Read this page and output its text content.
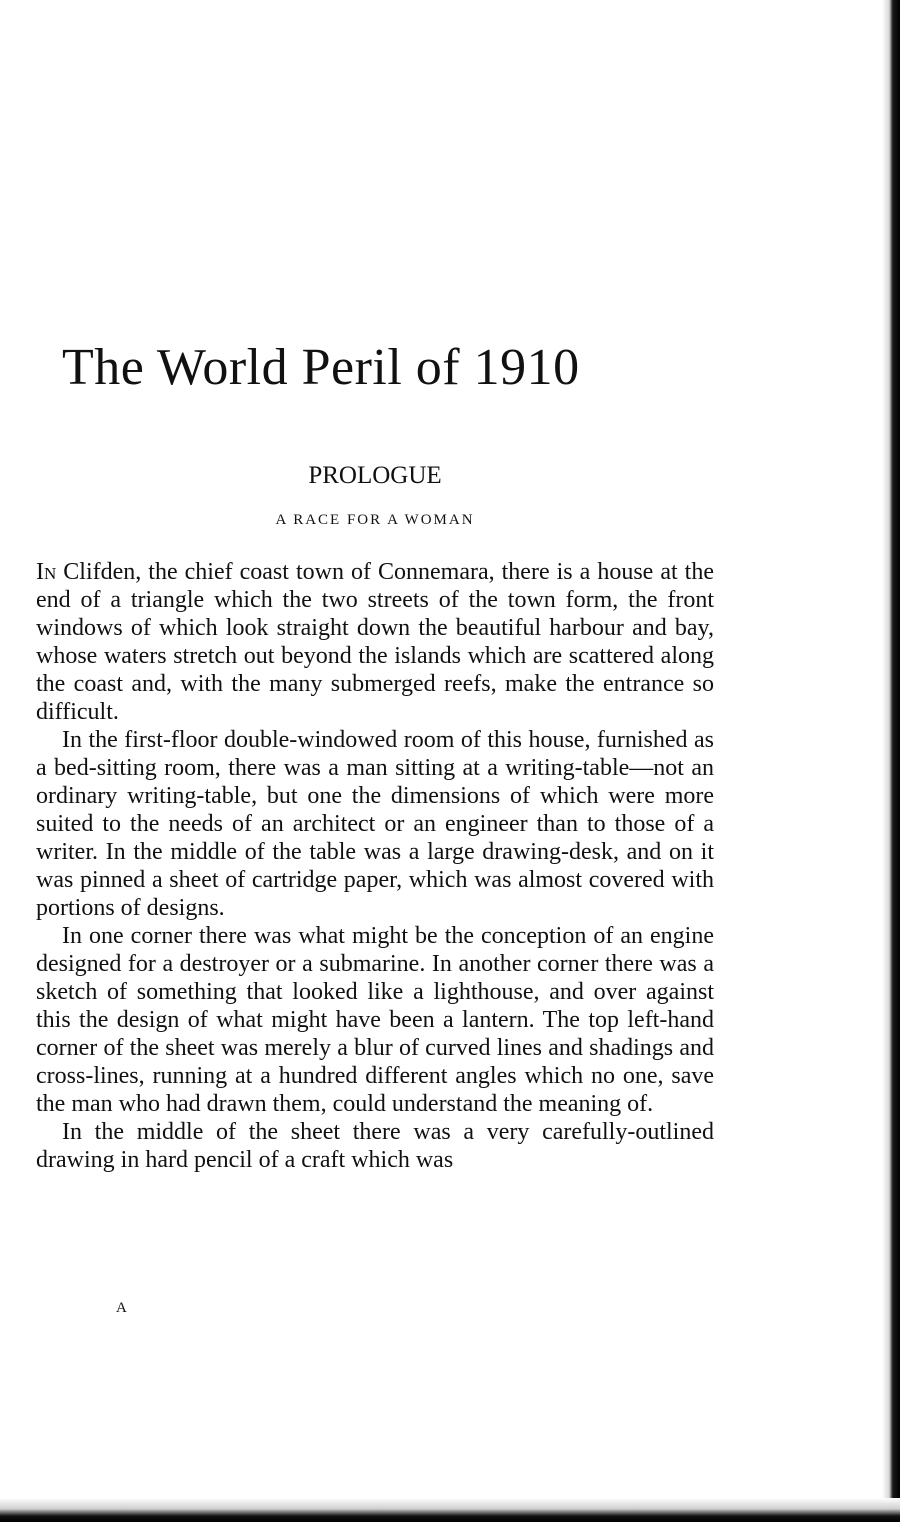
The World Peril of 1910
PROLOGUE
A RACE FOR A WOMAN

In Clifden, the chief coast town of Connemara, there is a house at the end of a triangle which the two streets of the town form, the front windows of which look straight down the beautiful harbour and bay, whose waters stretch out beyond the islands which are scattered along the coast and, with the many submerged reefs, make the entrance so difficult.

In the first-floor double-windowed room of this house, furnished as a bed-sitting room, there was a man sitting at a writing-table—not an ordinary writing-table, but one the dimensions of which were more suited to the needs of an architect or an engineer than to those of a writer. In the middle of the table was a large drawing-desk, and on it was pinned a sheet of cartridge paper, which was almost covered with portions of designs.

In one corner there was what might be the conception of an engine designed for a destroyer or a submarine. In another corner there was a sketch of something that looked like a lighthouse, and over against this the design of what might have been a lantern. The top left-hand corner of the sheet was merely a blur of curved lines and shadings and cross-lines, running at a hundred different angles which no one, save the man who had drawn them, could understand the meaning of.

In the middle of the sheet there was a very carefully-outlined drawing in hard pencil of a craft which was

A
